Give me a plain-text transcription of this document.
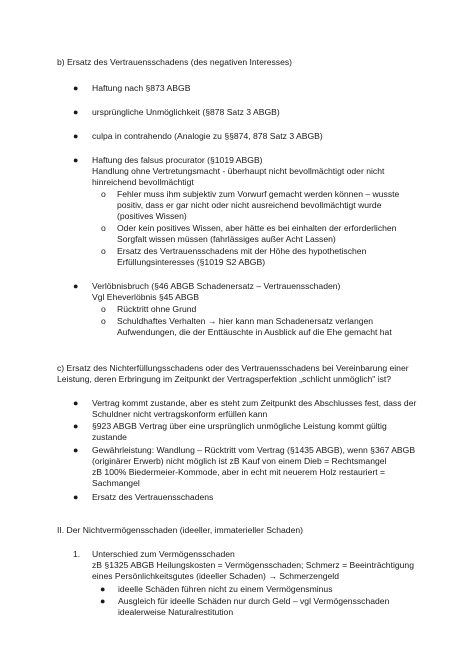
b) Ersatz des Vertrauensschadens (des negativen Interesses)
● Haftung nach §873 ABGB
● ursprüngliche Unmöglichkeit (§878 Satz 3 ABGB)
● culpa in contrahendo (Analogie zu §§874, 878 Satz 3 ABGB)
● Haftung des falsus procurator (§1019 ABGB)
Handlung ohne Vertretungsmacht - überhaupt nicht bevollmächtigt oder nicht
hinreichend bevollmächtigt
o Fehler muss ihm subjektiv zum Vorwurf gemacht werden können – wusste
positiv, dass er gar nicht oder nicht ausreichend bevollmächtigt wurde
(positives Wissen)
o Oder kein positives Wissen, aber hätte es bei einhalten der erforderlichen
Sorgfalt wissen müssen (fahrlässiges außer Acht Lassen)
o Ersatz des Vertrauensschadens mit der Höhe des hypothetischen
Erfüllungsinteresses (§1019 S2 ABGB)
● Verlöbnisbruch (§46 ABGB Schadenersatz – Vertrauensschaden)
Vgl Eheverlöbnis §45 ABGB
o Rücktritt ohne Grund
o Schuldhaftes Verhalten → hier kann man Schadenersatz verlangen
Aufwendungen, die der Enttäuschte in Ausblick auf die Ehe gemacht hat
c) Ersatz des Nichterfüllungsschadens oder des Vertrauensschadens bei Vereinbarung einer
Leistung, deren Erbringung im Zeitpunkt der Vertragsperfektion „schlicht unmöglich" ist?
● Vertrag kommt zustande, aber es steht zum Zeitpunkt des Abschlusses fest, dass der
Schuldner nicht vertragskonform erfüllen kann
● §923 ABGB Vertrag über eine ursprünglich unmögliche Leistung kommt gültig
zustande
● Gewährleistung: Wandlung – Rücktritt vom Vertrag (§1435 ABGB), wenn §367 ABGB
(originärer Erwerb) nicht möglich ist zB Kauf von einem Dieb = Rechtsmangel
zB 100% Biedermeier-Kommode, aber in echt mit neuerem Holz restauriert =
Sachmangel
● Ersatz des Vertrauensschadens
II. Der Nichtvermögensschaden (ideeller, immaterieller Schaden)
1. Unterschied zum Vermögensschaden
zB §1325 ABGB Heilungskosten = Vermögensschaden; Schmerz = Beeinträchtigung
eines Persönlichkeitsgutes (ideeller Schaden) → Schmerzengeld
● ideelle Schäden führen nicht zu einem Vermögensminus
● Ausgleich für ideelle Schäden nur durch Geld – vgl Vermögensschaden
idealerweise Naturalrestitution
